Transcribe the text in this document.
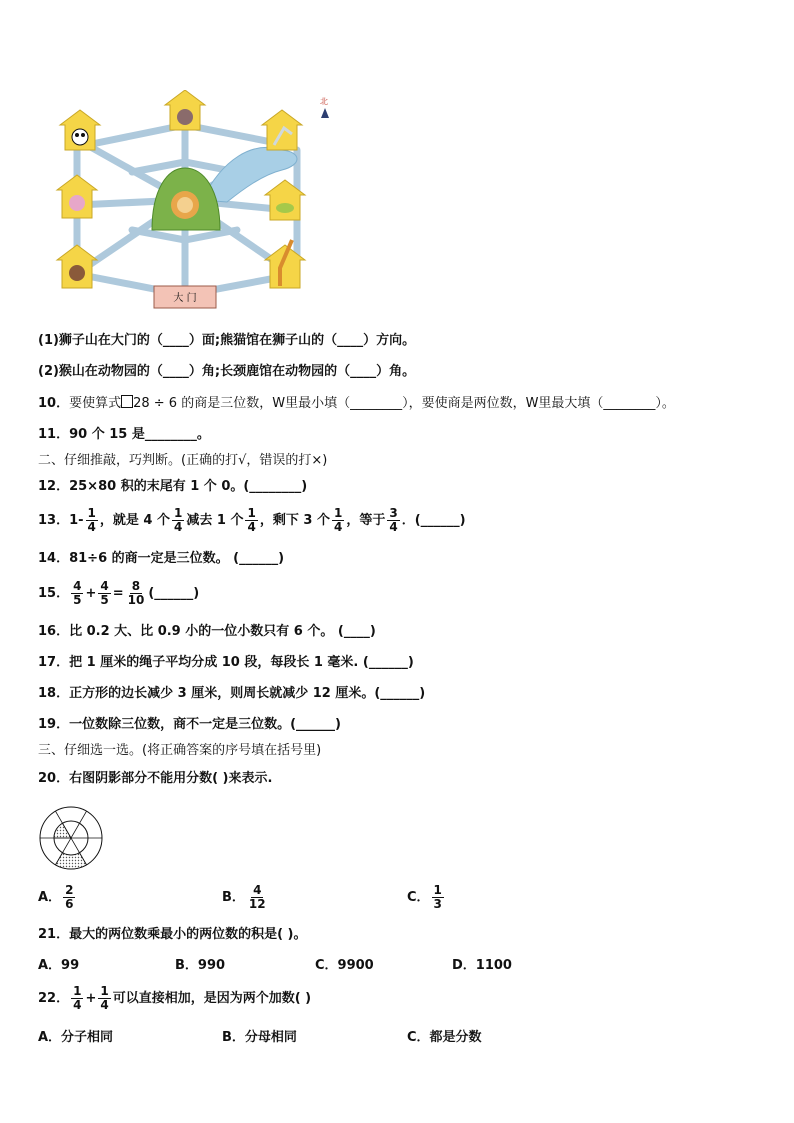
北
大 门
(1)狮子山在大门的（____）面;熊猫馆在狮子山的（____）方向。
(2)猴山在动物园的（____）角;长颈鹿馆在动物园的（____）角。
10．要使算式 28 ÷ 6 的商是三位数，W里最小填（________），要使商是两位数，W里最大填（________）。
11．90 个 15 是________。
二、仔细推敲，巧判断。(正确的打√，错误的打×)
12．25×80 积的末尾有 1 个 0。(________)
13．$1- \frac{1}{4}$ ，就是 4 个 $\frac{1}{4}$ 减去 1 个 $\frac{1}{4}$ ，剩下 3 个 $\frac{1}{4}$ ，等于 $\frac{3}{4}$ ．(______)
14．81÷6 的商一定是三位数。 (______)
15． $\frac{4}{5} + \frac{4}{5} = \frac{8}{10}$ (______)
16．比 0.2 大、比 0.9 小的一位小数只有 6 个。 (____)
17．把 1 厘米的绳子平均分成 10 段，每段长 1 毫米. (______)
18．正方形的边长减少 3 厘米，则周长就减少 12 厘米。(______)
19．一位数除三位数，商不一定是三位数。(______)
三、仔细选一选。(将正确答案的序号填在括号里)
20．右图阴影部分不能用分数( )来表示.
A． $\frac{2}{6}$	B． $\frac{4}{12}$	C． $\frac{1}{3}$
21．最大的两位数乘最小的两位数的积是( )。
A．99	B．990	C．9900	D．1100
22． $\frac{1}{4} + \frac{1}{4}$ 可以直接相加，是因为两个加数( )
A．分子相同	B．分母相同	C．都是分数
